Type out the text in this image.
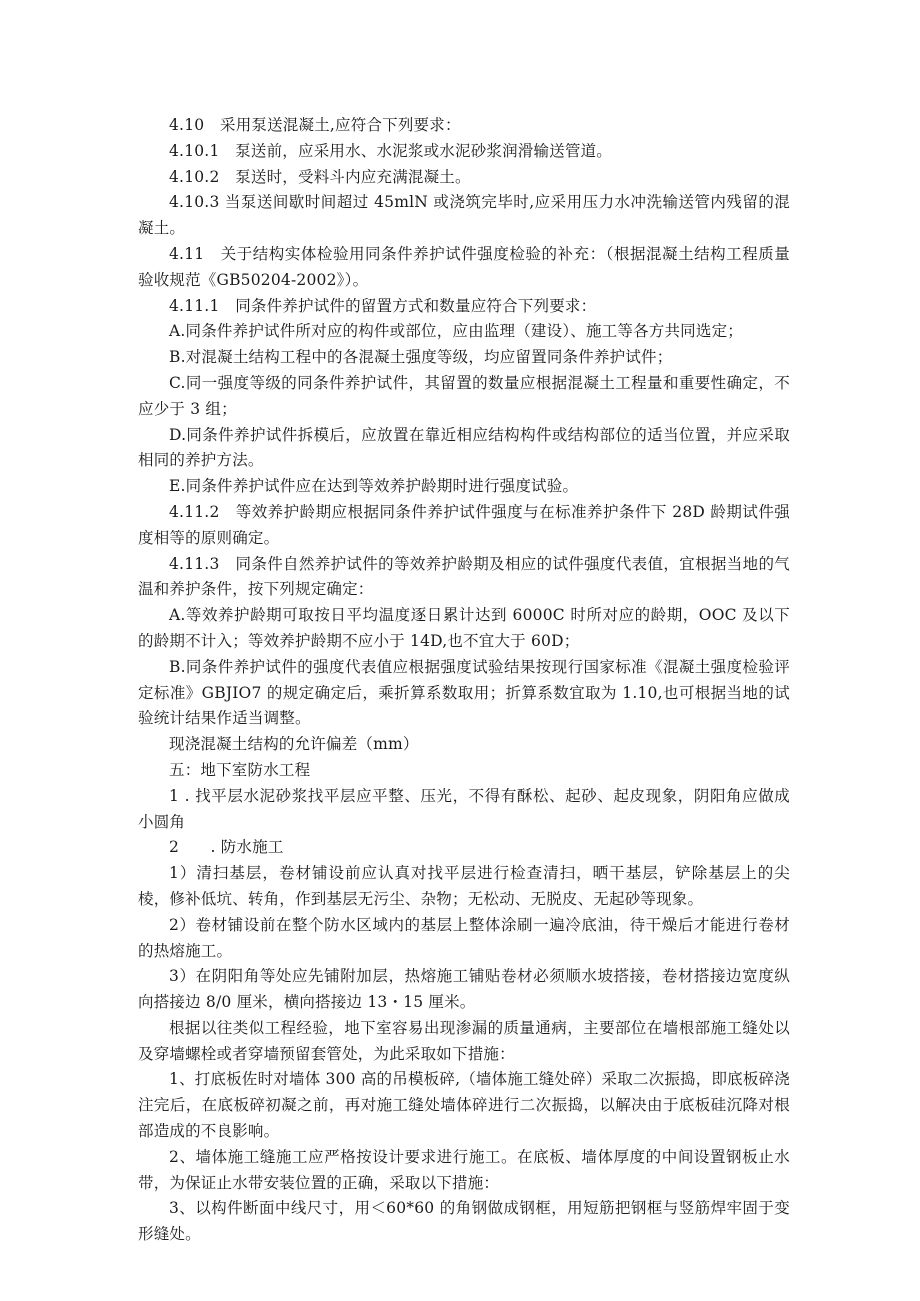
4.10　采用泵送混凝土,应符合下列要求：

4.10.1　泵送前，应采用水、水泥浆或水泥砂浆润滑输送管道。

4.10.2　泵送时，受料斗内应充满混凝土。

4.10.3 当泵送间歇时间超过 45mlN 或浇筑完毕时,应采用压力水冲洗输送管内残留的混凝土。

4.11　关于结构实体检验用同条件养护试件强度检验的补充：（根据混凝土结构工程质量验收规范《GB50204-2002》）。

4.11.1　同条件养护试件的留置方式和数量应符合下列要求：

A.同条件养护试件所对应的构件或部位，应由监理（建设）、施工等各方共同选定；

B.对混凝土结构工程中的各混凝土强度等级，均应留置同条件养护试件；

C.同一强度等级的同条件养护试件，其留置的数量应根据混凝土工程量和重要性确定，不应少于 3 组；

D.同条件养护试件拆模后，应放置在靠近相应结构构件或结构部位的适当位置，并应采取相同的养护方法。

E.同条件养护试件应在达到等效养护龄期时进行强度试验。

4.11.2　等效养护龄期应根据同条件养护试件强度与在标准养护条件下 28D 龄期试件强度相等的原则确定。

4.11.3　同条件自然养护试件的等效养护龄期及相应的试件强度代表值，宜根据当地的气温和养护条件，按下列规定确定：

A.等效养护龄期可取按日平均温度逐日累计达到 6000C 时所对应的龄期，OOC 及以下的龄期不计入；等效养护龄期不应小于 14D,也不宜大于 60D；

B.同条件养护试件的强度代表值应根据强度试验结果按现行国家标准《混凝土强度检验评定标准》GBJIO7 的规定确定后，乘折算系数取用；折算系数宜取为 1.10,也可根据当地的试验统计结果作适当调整。

现浇混凝土结构的允许偏差（mm）

五：地下室防水工程

1 . 找平层水泥砂浆找平层应平整、压光，不得有酥松、起砂、起皮现象，阴阳角应做成小圆角

2　　. 防水施工

1）清扫基层，卷材铺设前应认真对找平层进行检查清扫，晒干基层，铲除基层上的尖棱，修补低坑、转角，作到基层无污尘、杂物；无松动、无脱皮、无起砂等现象。

2）卷材铺设前在整个防水区域内的基层上整体涂刷一遍冷底油，待干燥后才能进行卷材的热熔施工。

3）在阴阳角等处应先铺附加层，热熔施工铺贴卷材必须顺水坡搭接，卷材搭接边宽度纵向搭接边 8/0 厘米，横向搭接边 13・15 厘米。

根据以往类似工程经验，地下室容易出现渗漏的质量通病，主要部位在墙根部施工缝处以及穿墙螺栓或者穿墙预留套管处，为此采取如下措施：

1、打底板佐时对墙体 300 高的吊模板碎,（墙体施工缝处碎）采取二次振捣，即底板碎浇注完后，在底板碎初凝之前，再对施工缝处墙体碎进行二次振捣，以解决由于底板硅沉降对根部造成的不良影响。

2、墙体施工缝施工应严格按设计要求进行施工。在底板、墙体厚度的中间设置钢板止水带，为保证止水带安装位置的正确，采取以下措施：

3、以构件断面中线尺寸，用＜60*60 的角钢做成钢框，用短筋把钢框与竖筋焊牢固于变形缝处。
